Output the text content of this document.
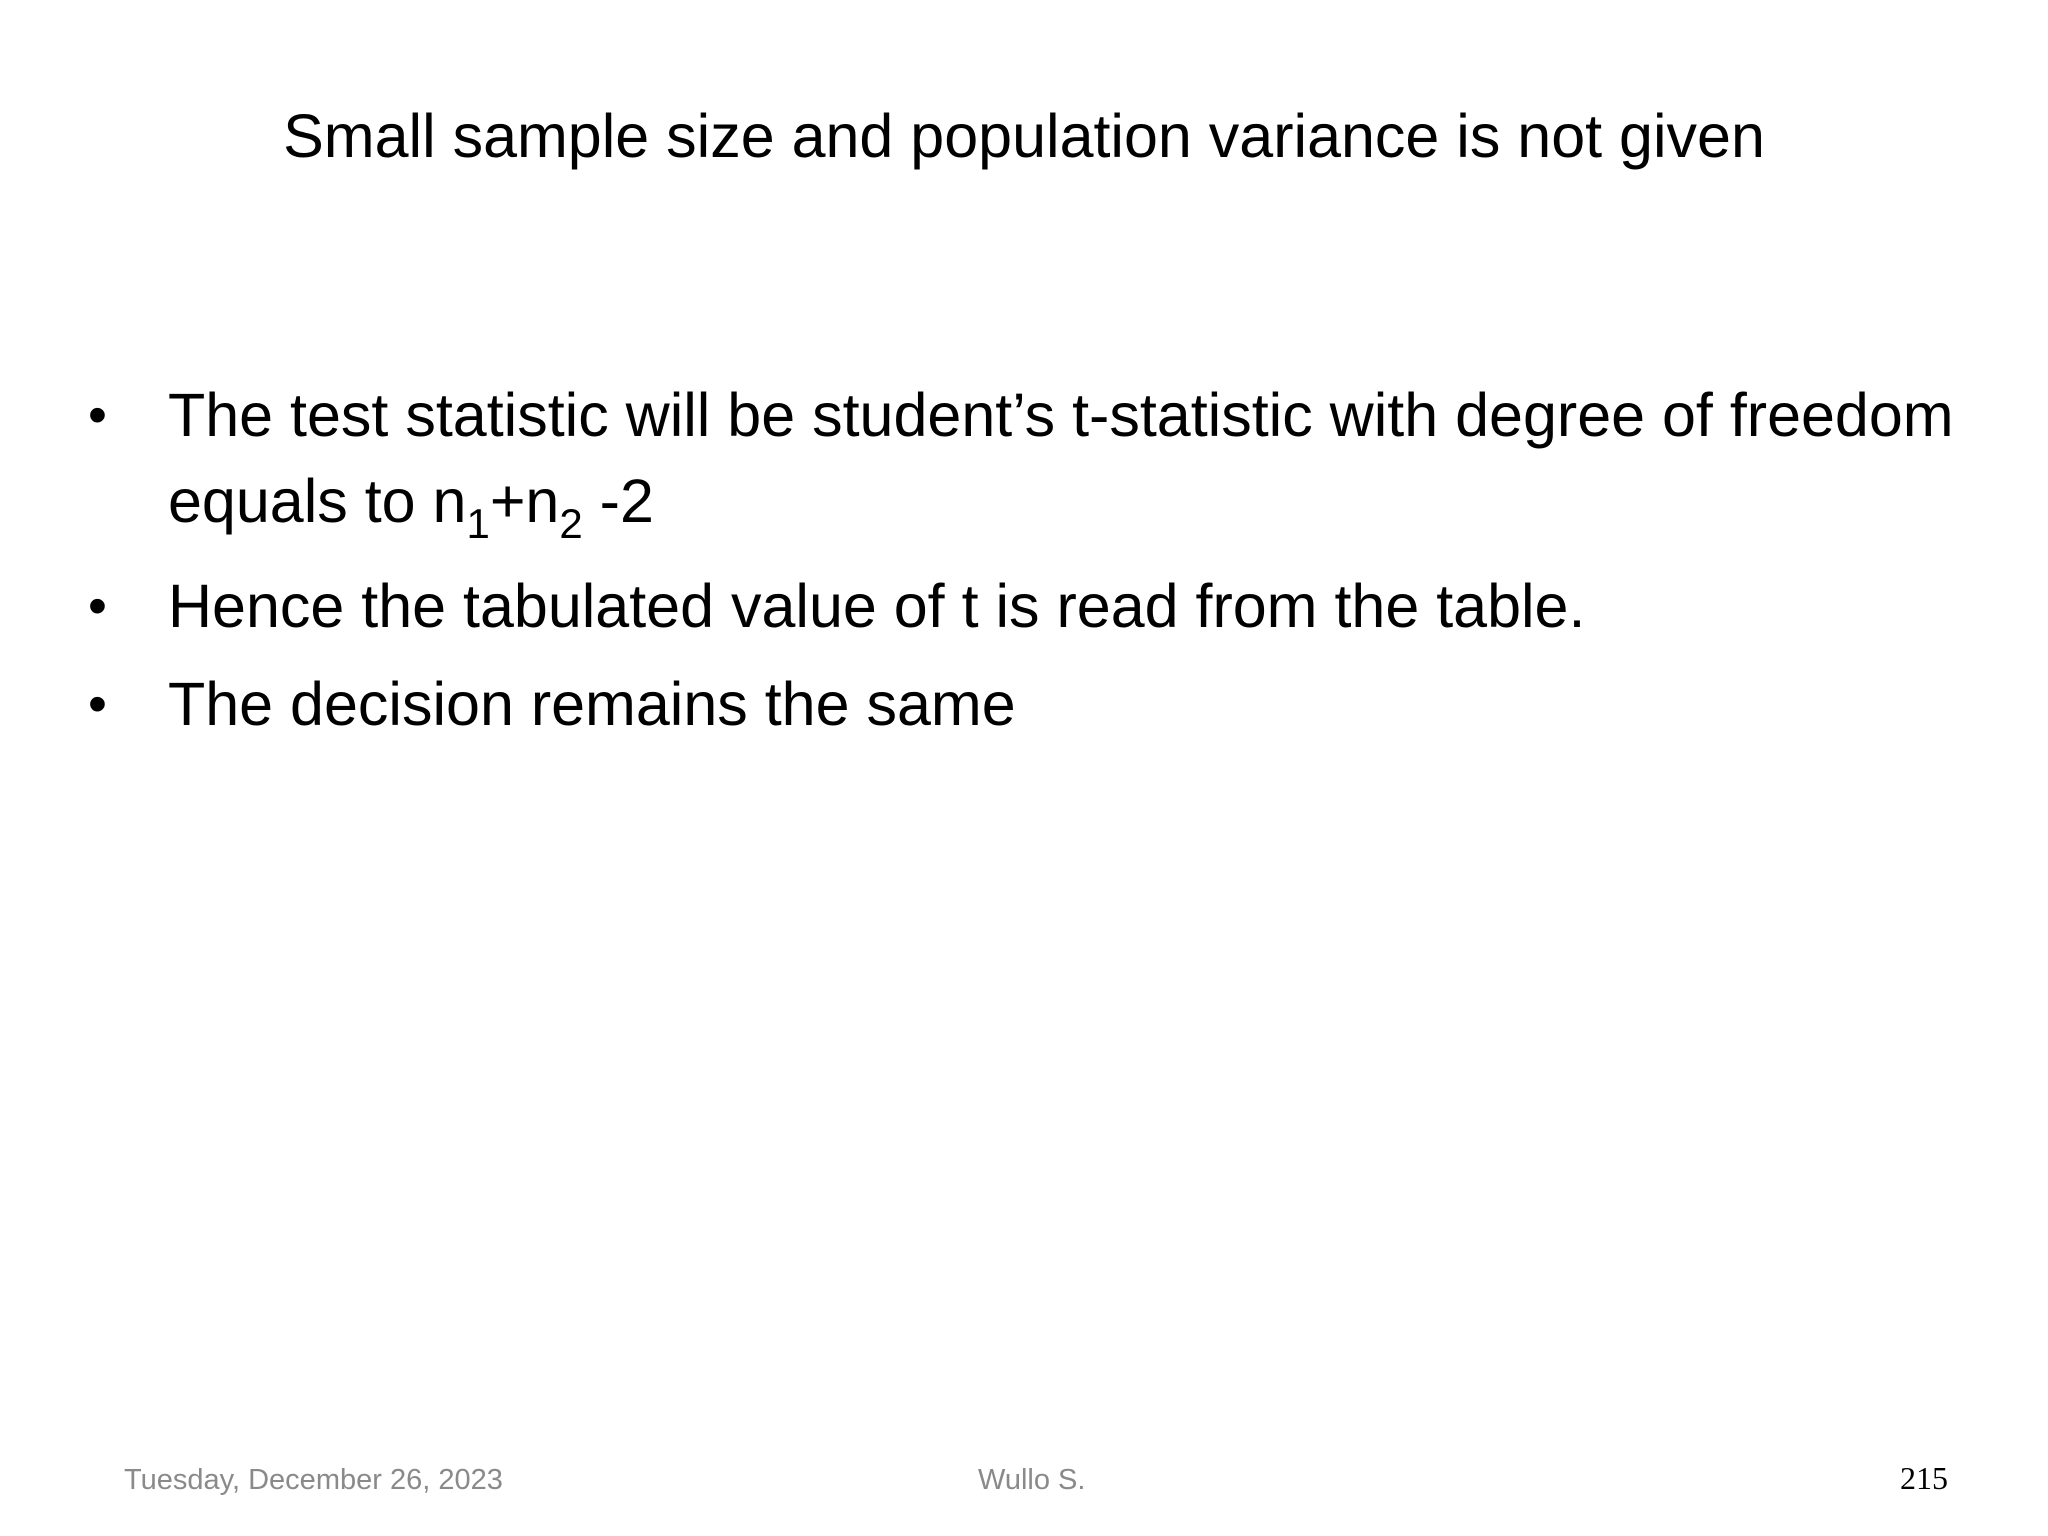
Small sample size and population variance is not given
• The test statistic will be student’s t-statistic with degree of freedom equals to $n_1+n_2$ -2
• Hence the tabulated value of t is read from the table.
• The decision remains the same
Tuesday, December 26, 2023	Wullo S.	215
